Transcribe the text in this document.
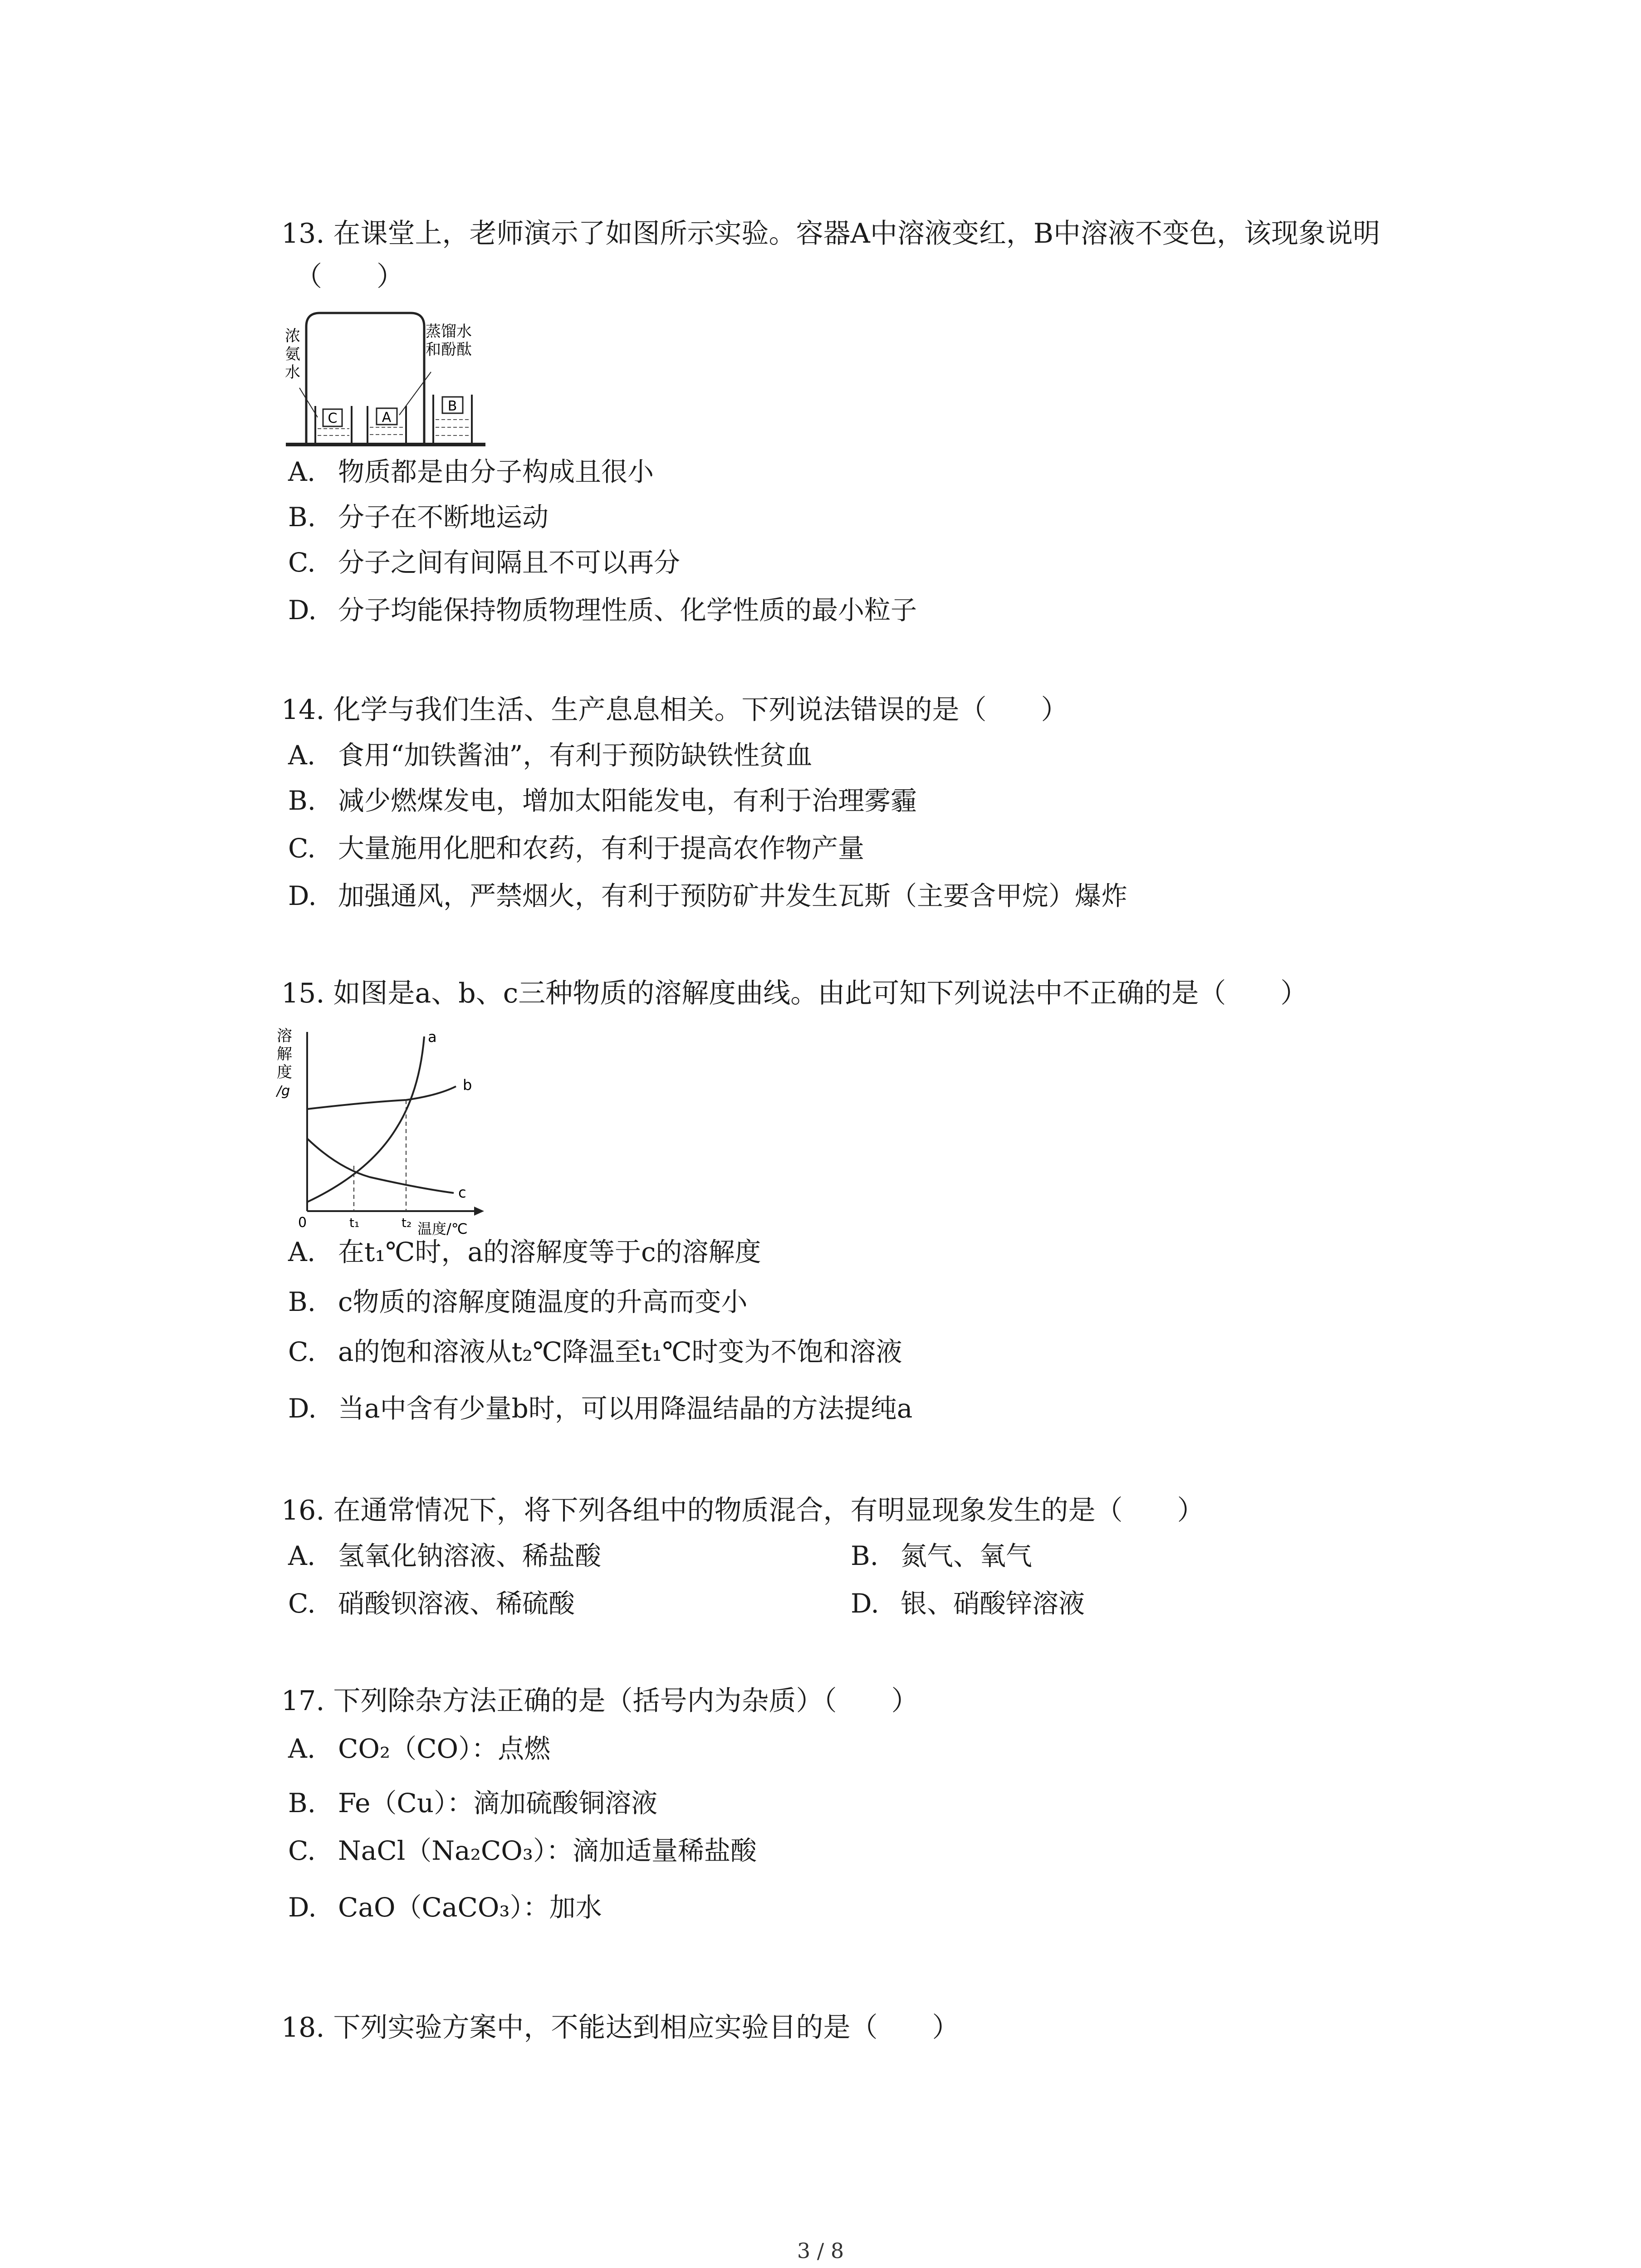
13. 在课堂上，老师演示了如图所示实验。容器A中溶液变红，B中溶液不变色，该现象说明
（　　）
C	A
B
浓
氨
水
蒸馏水
和酚酞
A. 物质都是由分子构成且很小
B. 分子在不断地运动
C. 分子之间有间隔且不可以再分
D. 分子均能保持物质物理性质、化学性质的最小粒子
14. 化学与我们生活、生产息息相关。下列说法错误的是（　　）
A. 食用“加铁酱油”，有利于预防缺铁性贫血
B. 减少燃煤发电，增加太阳能发电，有利于治理雾霾
C. 大量施用化肥和农药，有利于提高农作物产量
D. 加强通风，严禁烟火，有利于预防矿井发生瓦斯（主要含甲烷）爆炸
15. 如图是a、b、c三种物质的溶解度曲线。由此可知下列说法中不正确的是（　　）
溶
解
度
/g
a
b
c
0	t₁	t₂ 温度/℃
A. 在t₁℃时，a的溶解度等于c的溶解度
B. c物质的溶解度随温度的升高而变小
C. a的饱和溶液从t₂℃降温至t₁℃时变为不饱和溶液
D. 当a中含有少量b时，可以用降温结晶的方法提纯a
16. 在通常情况下，将下列各组中的物质混合，有明显现象发生的是（　　）
A. 氢氧化钠溶液、稀盐酸	B. 氮气、氧气
C. 硝酸钡溶液、稀硫酸	D. 银、硝酸锌溶液
17. 下列除杂方法正确的是（括号内为杂质）（　　）
A. CO₂（CO）：点燃
B. Fe（Cu）：滴加硫酸铜溶液
C. NaCl（Na₂CO₃）：滴加适量稀盐酸
D. CaO（CaCO₃）：加水
18. 下列实验方案中，不能达到相应实验目的是（　　）
3 / 8
